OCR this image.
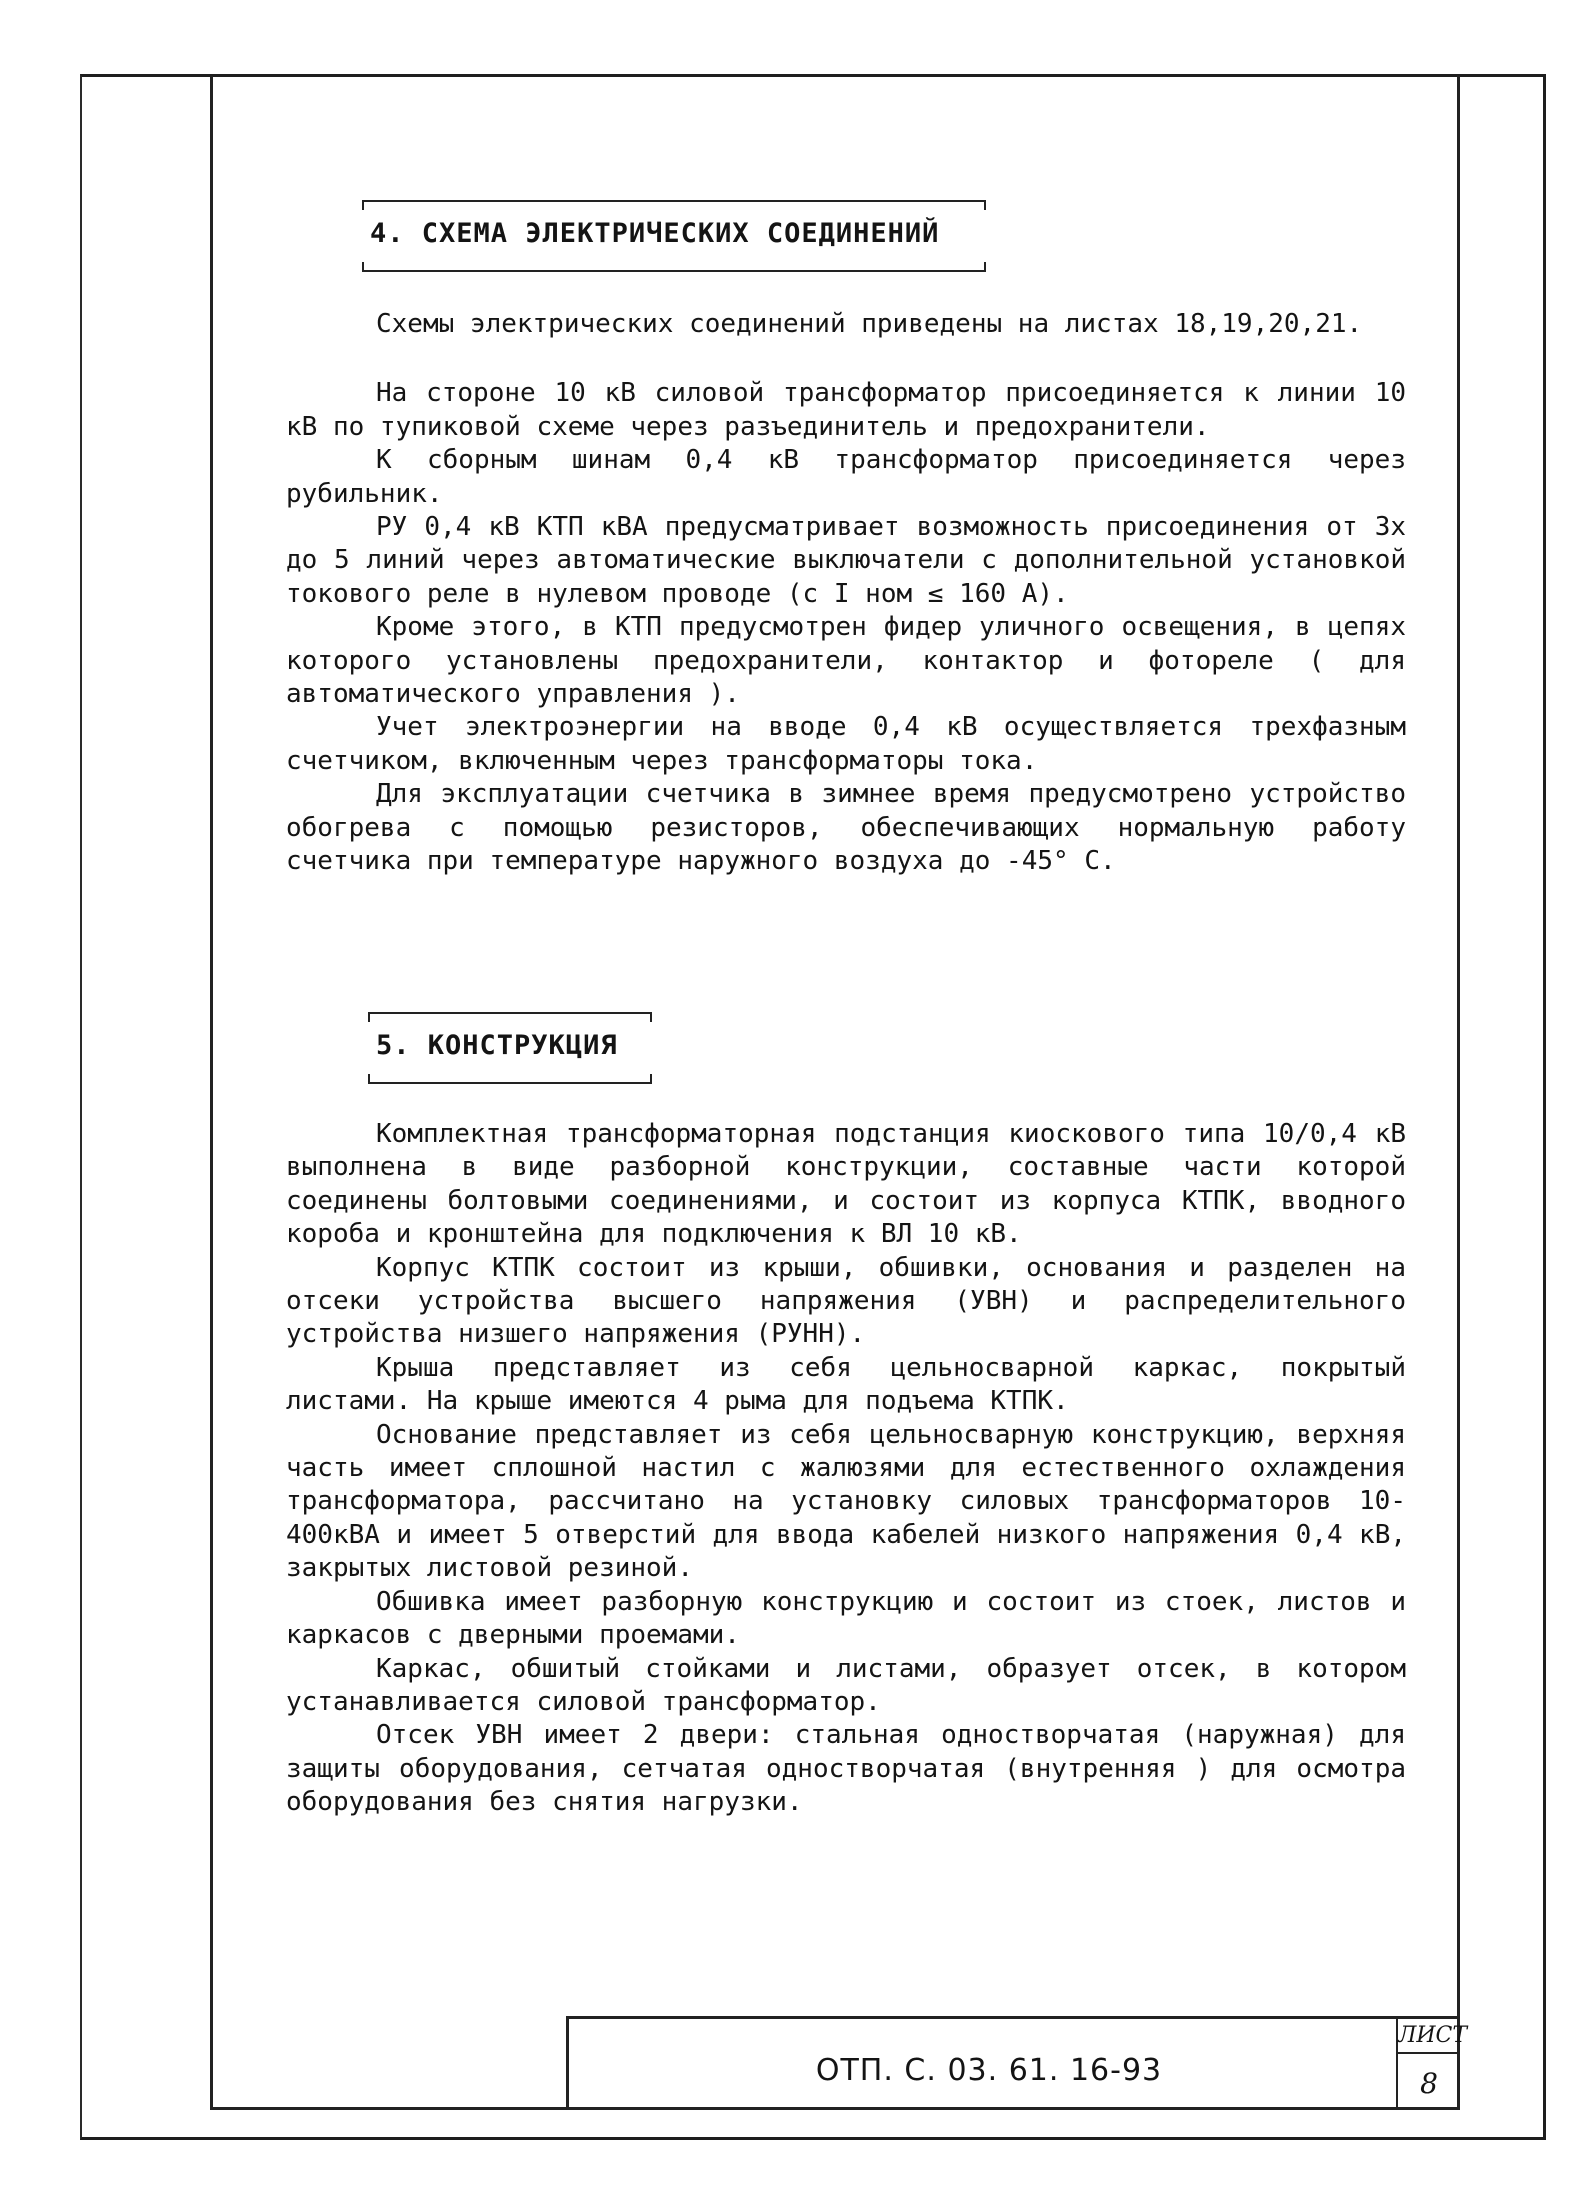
4. СХЕМА ЭЛЕКТРИЧЕСКИХ СОЕДИНЕНИЙ

Схемы электрических соединений приведены на листах 18,19,20,21.

На стороне 10 кВ силовой трансформатор присоединяется к линии 10 кВ по тупиковой схеме через разъединитель и предохранители.

К сборным шинам 0,4 кВ трансформатор присоединяется через рубильник.

РУ 0,4 кВ КТП кВА предусматривает возможность присоединения от 3х до 5 линий через автоматические выключатели с дополнительной установкой токового реле в нулевом проводе (с I ном ≤ 160 А).

Кроме этого, в КТП предусмотрен фидер уличного освещения, в цепях которого установлены предохранители, контактор и фотореле ( для автоматического управления ).

Учет электроэнергии на вводе 0,4 кВ осуществляется трехфазным счетчиком, включенным через трансформаторы тока.

Для эксплуатации счетчика в зимнее время предусмотрено устройство обогрева с помощью резисторов, обеспечивающих нормальную работу счетчика при температуре наружного воздуха до -45° С.

5. КОНСТРУКЦИЯ

Комплектная трансформаторная подстанция киоскового типа 10/0,4 кВ выполнена в виде разборной конструкции, составные части которой соединены болтовыми соединениями, и состоит из корпуса КТПК, вводного короба и кронштейна для подключения к ВЛ 10 кВ.

Корпус КТПК состоит из крыши, обшивки, основания и разделен на отсеки устройства высшего напряжения (УВН) и распределительного устройства низшего напряжения (РУНН).

Крыша представляет из себя цельносварной каркас, покрытый листами. На крыше имеются 4 рыма для подъема КТПК.

Основание представляет из себя цельносварную конструкцию, верхняя часть имеет сплошной настил с жалюзями для естественного охлаждения трансформатора, рассчитано на установку силовых трансформаторов 10-400кВА и имеет 5 отверстий для ввода кабелей низкого напряжения 0,4 кВ, закрытых листовой резиной.

Обшивка имеет разборную конструкцию и состоит из стоек, листов и каркасов с дверными проемами.

Каркас, обшитый стойками и листами, образует отсек, в котором устанавливается силовой трансформатор.

Отсек УВН имеет 2 двери: стальная одностворчатая (наружная) для защиты оборудования, сетчатая одностворчатая (внутренняя ) для осмотра оборудования без снятия нагрузки.

ОТП. С. 03. 61. 16-93
ЛИСТ
8
